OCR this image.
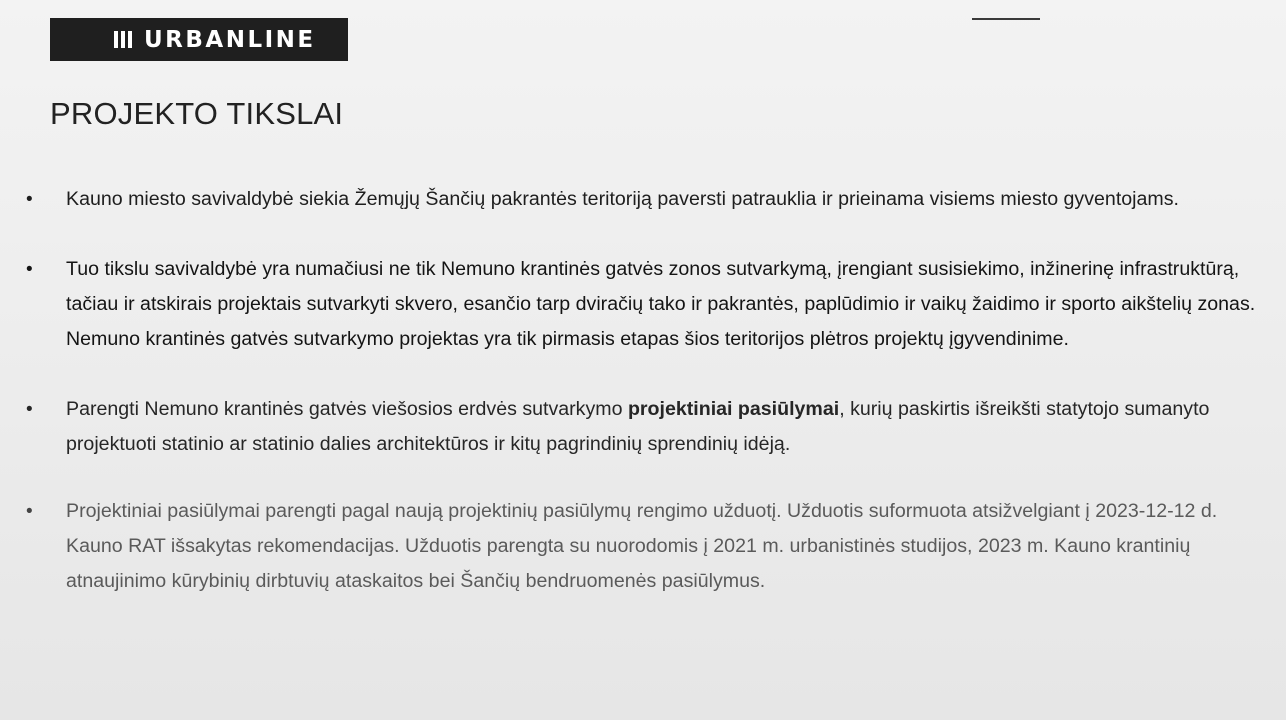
URBANLINE
PROJEKTO TIKSLAI
• Kauno miesto savivaldybė siekia Žemųjų Šančių pakrantės teritoriją paversti patrauklia ir prieinama visiems miesto gyventojams.
• Tuo tikslu savivaldybė yra numačiusi ne tik Nemuno krantinės gatvės zonos sutvarkymą, įrengiant susisiekimo, inžinerinę infrastruktūrą, tačiau ir atskirais projektais sutvarkyti skvero, esančio tarp dviračių tako ir pakrantės, paplūdimio ir vaikų žaidimo ir sporto aikštelių zonas. Nemuno krantinės gatvės sutvarkymo projektas yra tik pirmasis etapas šios teritorijos plėtros projektų įgyvendinime.
• Parengti Nemuno krantinės gatvės viešosios erdvės sutvarkymo projektiniai pasiūlymai, kurių paskirtis išreikšti statytojo sumanyto projektuoti statinio ar statinio dalies architektūros ir kitų pagrindinių sprendinių idėją.
• Projektiniai pasiūlymai parengti pagal naują projektinių pasiūlymų rengimo užduotį. Užduotis suformuota atsižvelgiant į 2023-12-12 d. Kauno RAT išsakytas rekomendacijas. Užduotis parengta su nuorodomis į 2021 m. urbanistinės studijos, 2023 m. Kauno krantinių atnaujinimo kūrybinių dirbtuvių ataskaitos bei Šančių bendruomenės pasiūlymus.
